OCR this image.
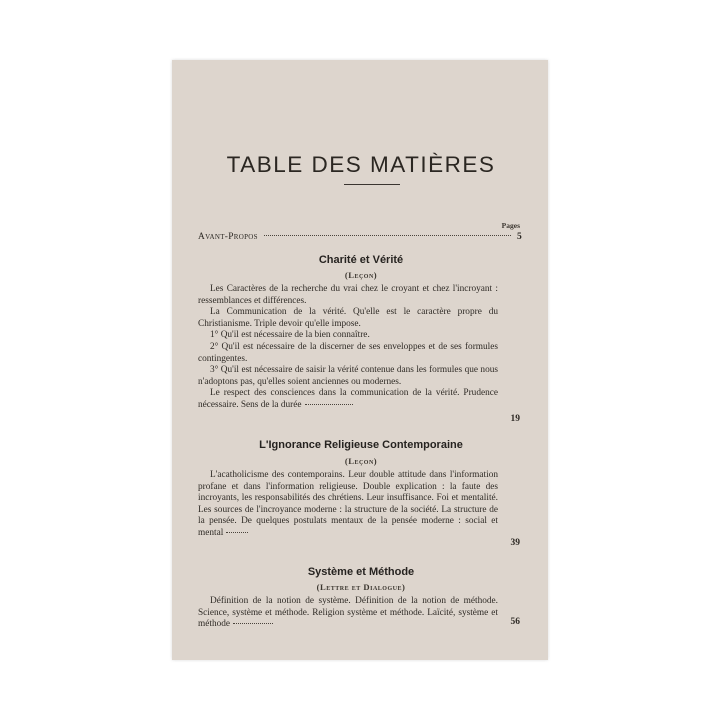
TABLE DES MATIÈRES
Pages
Avant-Propos	5
Charité et Vérité
(Leçon)

Les Caractères de la recherche du vrai chez le croyant et chez l'incroyant : ressemblances et différences.

La Communication de la vérité. Qu'elle est le caractère propre du Christianisme. Triple devoir qu'elle impose.

1° Qu'il est nécessaire de la bien connaître.

2° Qu'il est nécessaire de la discerner de ses enveloppes et de ses formules contingentes.

3° Qu'il est nécessaire de saisir la vérité contenue dans les formules que nous n'adoptons pas, qu'elles soient anciennes ou modernes.

Le respect des consciences dans la communication de la vérité. Prudence nécessaire. Sens de la durée

19
L'Ignorance Religieuse Contemporaine
(Leçon)

L'acatholicisme des contemporains. Leur double attitude dans l'information profane et dans l'information religieuse. Double explication : la faute des incroyants, les responsabilités des chrétiens. Leur insuffisance. Foi et mentalité. Les sources de l'incroyance moderne : la structure de la société. La structure de la pensée. De quelques postulats mentaux de la pensée moderne : social et mental

39
Système et Méthode
(Lettre et Dialogue)

Définition de la notion de système. Définition de la notion de méthode. Science, système et méthode. Religion système et méthode. Laïcité, système et méthode	56
